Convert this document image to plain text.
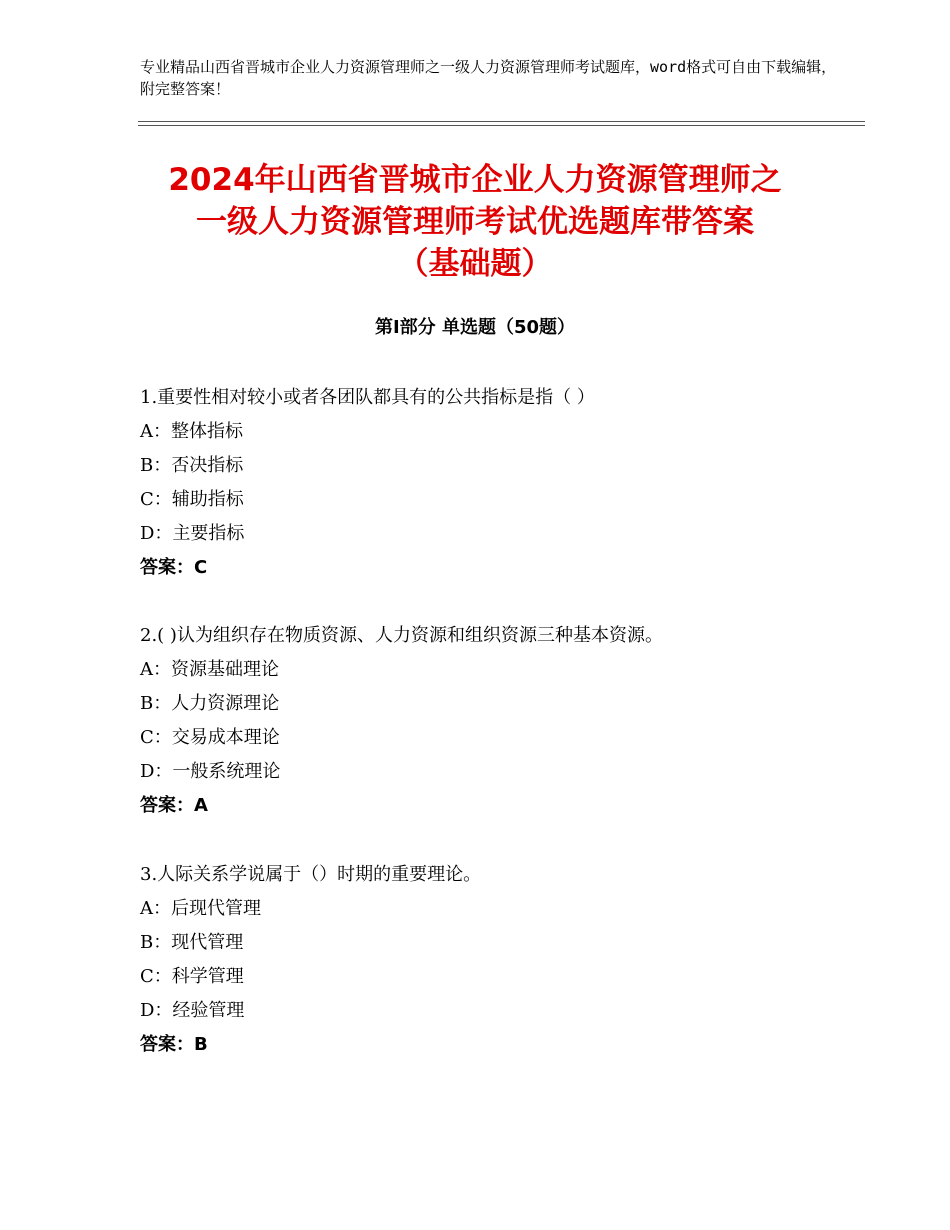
专业精品山西省晋城市企业人力资源管理师之一级人力资源管理师考试题库，word格式可自由下载编辑，附完整答案！
2024年山西省晋城市企业人力资源管理师之
一级人力资源管理师考试优选题库带答案
（基础题）
第Ⅰ部分 单选题（50题）
1.重要性相对较小或者各团队都具有的公共指标是指（ ）
A：整体指标
B：否决指标
C：辅助指标
D：主要指标
答案：C
2.( )认为组织存在物质资源、人力资源和组织资源三种基本资源。
A：资源基础理论
B：人力资源理论
C：交易成本理论
D：一般系统理论
答案：A
3.人际关系学说属于（）时期的重要理论。
A：后现代管理
B：现代管理
C：科学管理
D：经验管理
答案：B
